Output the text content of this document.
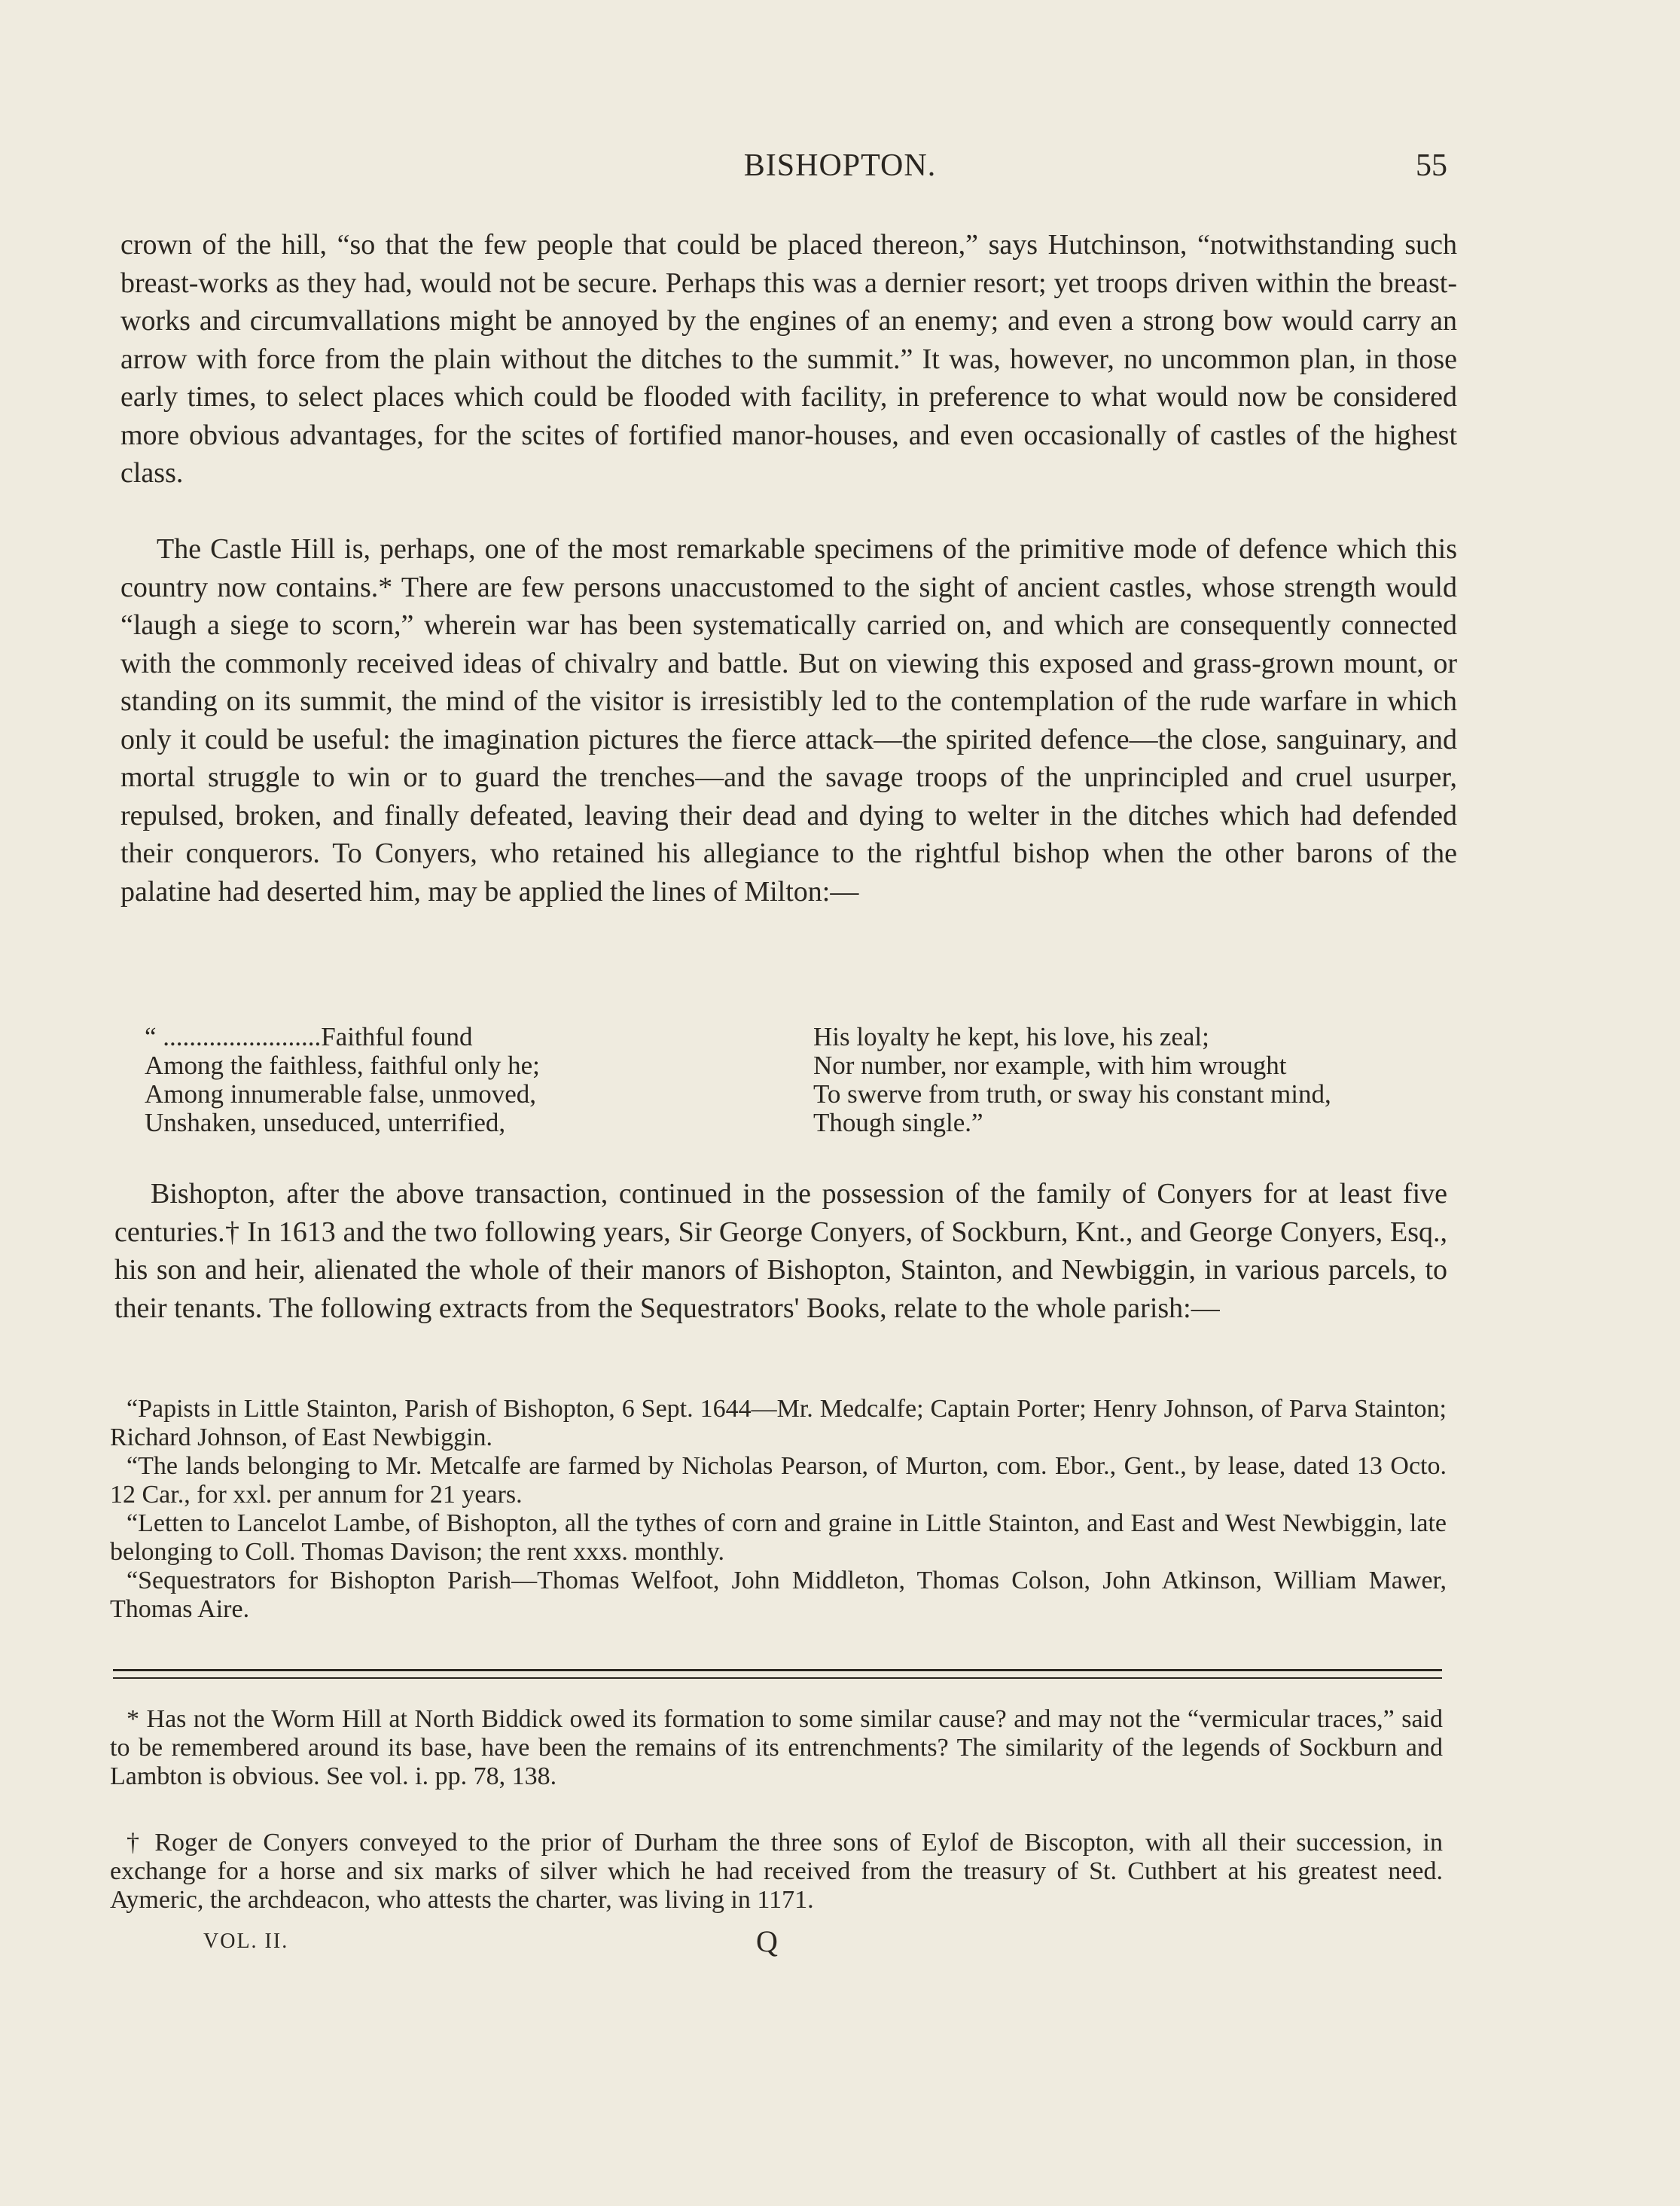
BISHOPTON.	55

crown of the hill, “so that the few people that could be placed thereon,” says Hutchinson, “notwithstanding such breast-works as they had, would not be secure. Perhaps this was a dernier resort; yet troops driven within the breast-works and circumvallations might be annoyed by the engines of an enemy; and even a strong bow would carry an arrow with force from the plain without the ditches to the summit.” It was, however, no uncommon plan, in those early times, to select places which could be flooded with facility, in preference to what would now be considered more obvious advantages, for the scites of fortified manor-houses, and even occasionally of castles of the highest class.

The Castle Hill is, perhaps, one of the most remarkable specimens of the primitive mode of defence which this country now contains.* There are few persons unaccustomed to the sight of ancient castles, whose strength would “laugh a siege to scorn,” wherein war has been systematically carried on, and which are consequently connected with the commonly received ideas of chivalry and battle. But on viewing this exposed and grass-grown mount, or standing on its summit, the mind of the visitor is irresistibly led to the contemplation of the rude warfare in which only it could be useful: the imagination pictures the fierce attack—the spirited defence—the close, sanguinary, and mortal struggle to win or to guard the trenches—and the savage troops of the unprincipled and cruel usurper, repulsed, broken, and finally defeated, leaving their dead and dying to welter in the ditches which had defended their conquerors. To Conyers, who retained his allegiance to the rightful bishop when the other barons of the palatine had deserted him, may be applied the lines of Milton:—

“ ........................Faithful found
Among the faithless, faithful only he;
Among innumerable false, unmoved,
Unshaken, unseduced, unterrified,
His loyalty he kept, his love, his zeal;
Nor number, nor example, with him wrought
To swerve from truth, or sway his constant mind,
Though single.”

Bishopton, after the above transaction, continued in the possession of the family of Conyers for at least five centuries.† In 1613 and the two following years, Sir George Conyers, of Sockburn, Knt., and George Conyers, Esq., his son and heir, alienated the whole of their manors of Bishopton, Stainton, and Newbiggin, in various parcels, to their tenants. The following extracts from the Sequestrators' Books, relate to the whole parish:—

“Papists in Little Stainton, Parish of Bishopton, 6 Sept. 1644—Mr. Medcalfe; Captain Porter; Henry Johnson, of Parva Stainton; Richard Johnson, of East Newbiggin.

“The lands belonging to Mr. Metcalfe are farmed by Nicholas Pearson, of Murton, com. Ebor., Gent., by lease, dated 13 Octo. 12 Car., for xxl. per annum for 21 years.

“Letten to Lancelot Lambe, of Bishopton, all the tythes of corn and graine in Little Stainton, and East and West Newbiggin, late belonging to Coll. Thomas Davison; the rent xxxs. monthly.

“Sequestrators for Bishopton Parish—Thomas Welfoot, John Middleton, Thomas Colson, John Atkinson, William Mawer, Thomas Aire.

* Has not the Worm Hill at North Biddick owed its formation to some similar cause? and may not the “vermicular traces,” said to be remembered around its base, have been the remains of its entrenchments? The similarity of the legends of Sockburn and Lambton is obvious. See vol. i. pp. 78, 138.

† Roger de Conyers conveyed to the prior of Durham the three sons of Eylof de Biscopton, with all their succession, in exchange for a horse and six marks of silver which he had received from the treasury of St. Cuthbert at his greatest need. Aymeric, the archdeacon, who attests the charter, was living in 1171.

VOL. II.	Q
